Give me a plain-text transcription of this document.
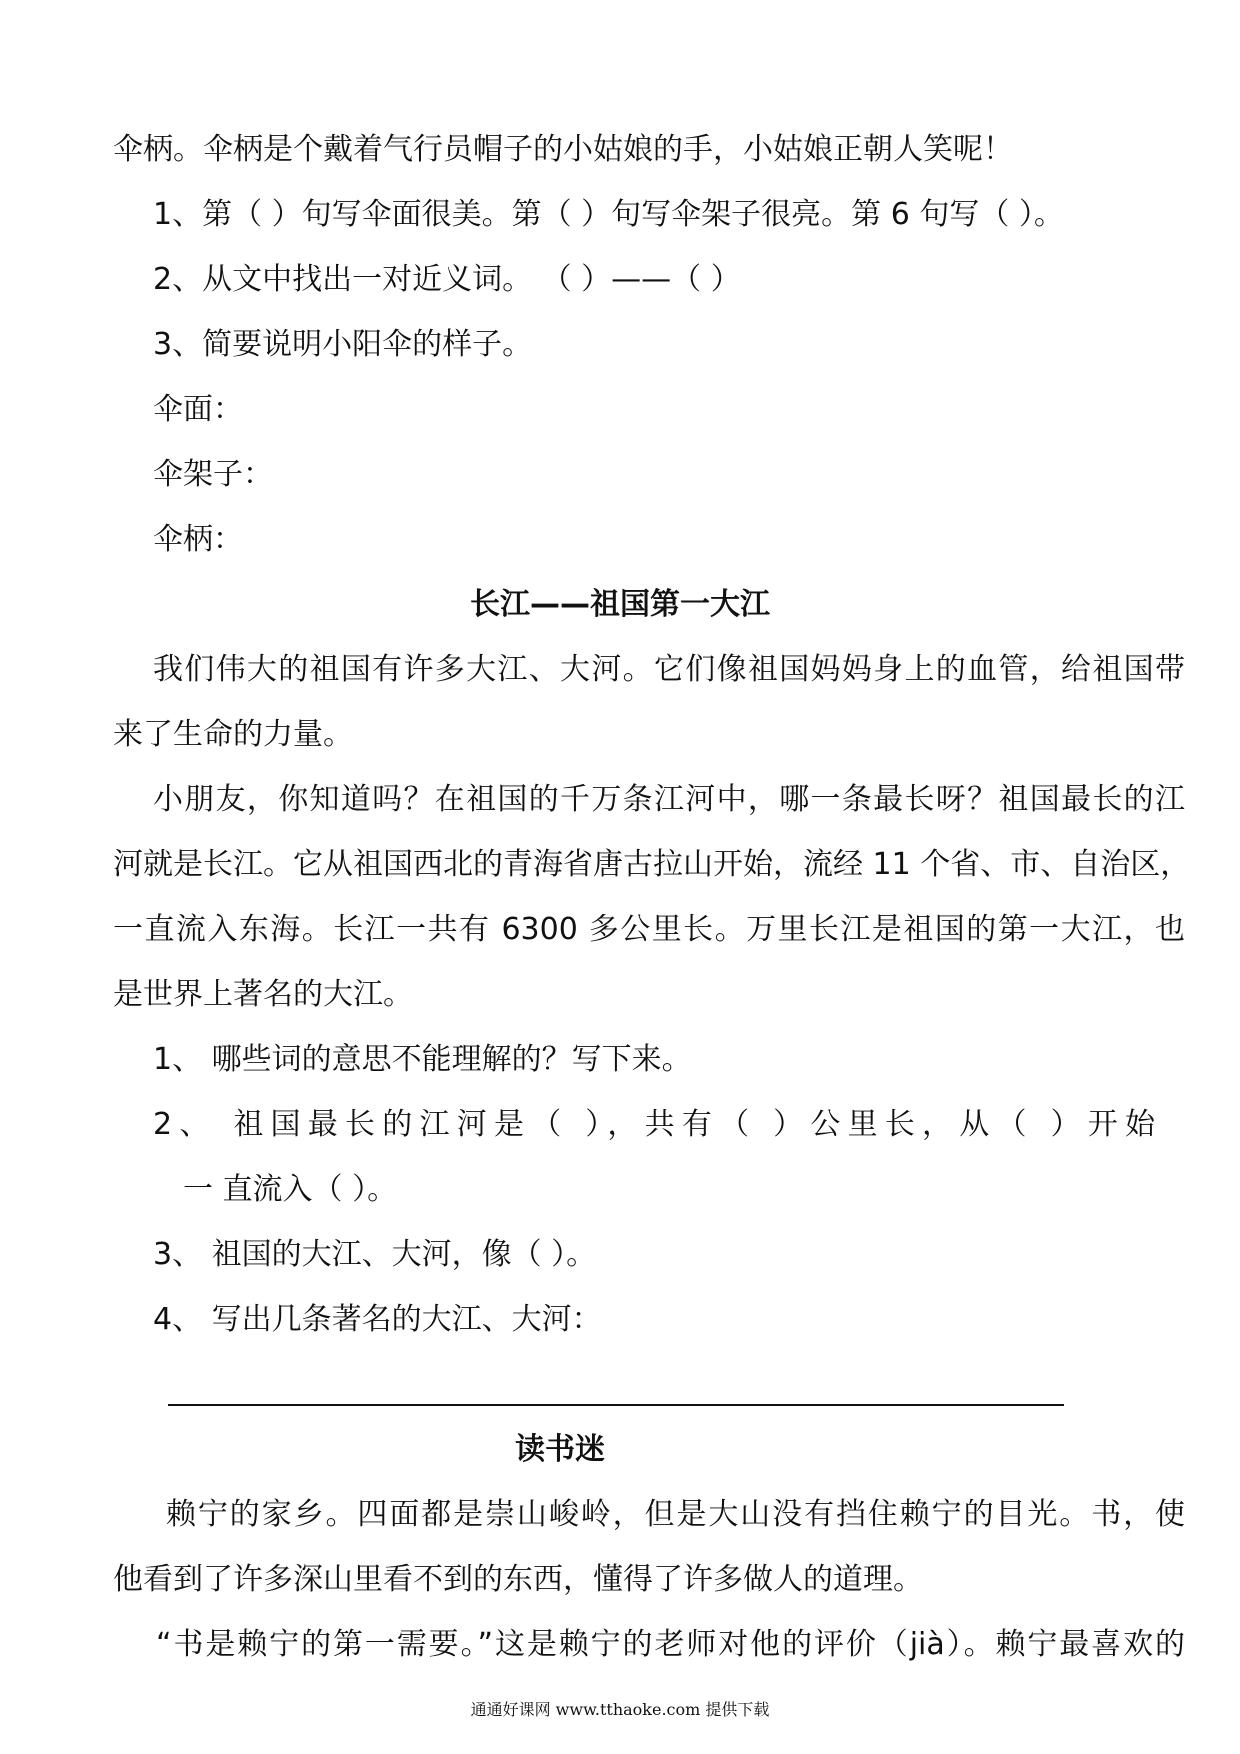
伞柄。伞柄是个戴着气行员帽子的小姑娘的手，小姑娘正朝人笑呢！
1、第（ ）句写伞面很美。第（ ）句写伞架子很亮。第 6 句写（ ）。
2、从文中找出一对近义词。 （ ）——（ ）
3、简要说明小阳伞的样子。
伞面：
伞架子：
伞柄：
长江——祖国第一大江
我们伟大的祖国有许多大江、大河。它们像祖国妈妈身上的血管，给祖国带
来了生命的力量。
小朋友，你知道吗？在祖国的千万条江河中，哪一条最长呀？祖国最长的江
河就是长江。它从祖国西北的青海省唐古拉山开始，流经 11 个省、市、自治区，
一直流入东海。长江一共有 6300 多公里长。万里长江是祖国的第一大江，也
是世界上著名的大江。
1、 哪些词的意思不能理解的？写下来。
2、 祖国最长的江河是（ ），共有（ ）公里长，从（ ）开始
一 直流入（ ）。
3、 祖国的大江、大河，像（ ）。
4、 写出几条著名的大江、大河：
读书迷
赖宁的家乡。四面都是崇山峻岭，但是大山没有挡住赖宁的目光。书，使
他看到了许多深山里看不到的东西，懂得了许多做人的道理。
“书是赖宁的第一需要。”这是赖宁的老师对他的评价（jià）。赖宁最喜欢的
通通好课网 www.tthaoke.com 提供下载
